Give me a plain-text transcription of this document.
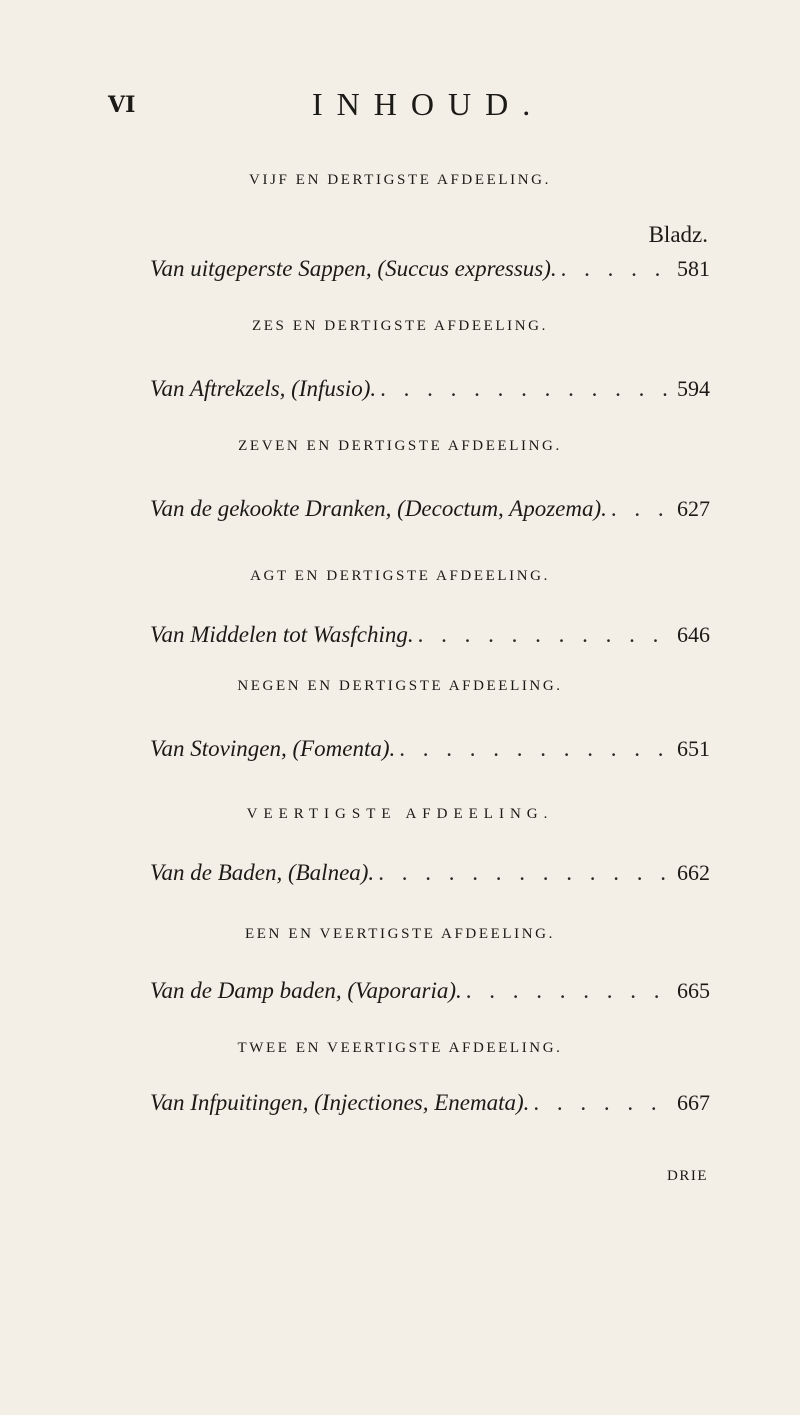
VI	INHOUD.
VIJF EN DERTIGSTE AFDEELING.
Bladz.
Van uitgeperste Sappen, (Succus expressus). . . .	581
ZES EN DERTIGSTE AFDEELING.
Van Aftrekzels, (Infusio). . . .	594
ZEVEN EN DERTIGSTE AFDEELING.
Van de gekookte Dranken, (Decoctum, Apozema). . . .	627
AGT EN DERTIGSTE AFDEELING.
Van Middelen tot Wasfching. . . .	646
NEGEN EN DERTIGSTE AFDEELING.
Van Stovingen, (Fomenta). . . .	651
VEERTIGSTE AFDEELING.
Van de Baden, (Balnea). . . .	662
EEN EN VEERTIGSTE AFDEELING.
Van de Damp baden, (Vaporaria). . . .	665
TWEE EN VEERTIGSTE AFDEELING.
Van Infpuitingen, (Injectiones, Enemata). . . .	667
DRIE
